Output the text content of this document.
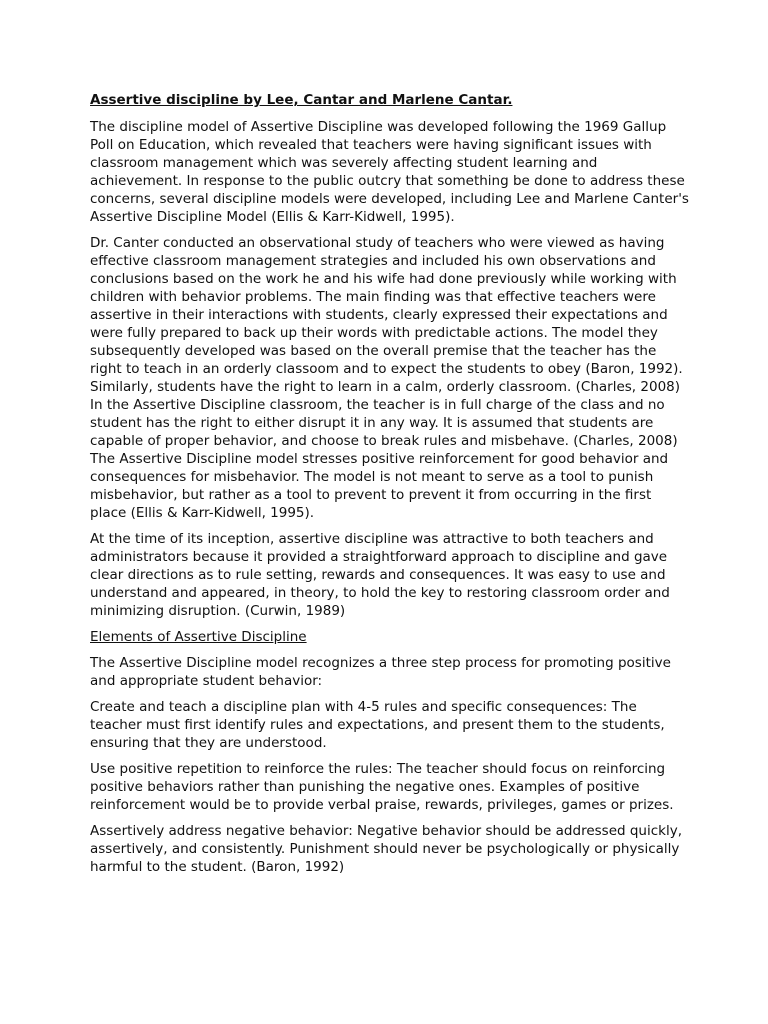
Assertive discipline by Lee, Cantar and Marlene Cantar.

The discipline model of Assertive Discipline was developed following the 1969 Gallup Poll on Education, which revealed that teachers were having significant issues with classroom management which was severely affecting student learning and achievement. In response to the public outcry that something be done to address these concerns, several discipline models were developed, including Lee and Marlene Canter's Assertive Discipline Model (Ellis & Karr-Kidwell, 1995).

Dr. Canter conducted an observational study of teachers who were viewed as having effective classroom management strategies and included his own observations and conclusions based on the work he and his wife had done previously while working with children with behavior problems. The main finding was that effective teachers were assertive in their interactions with students, clearly expressed their expectations and were fully prepared to back up their words with predictable actions. The model they subsequently developed was based on the overall premise that the teacher has the right to teach in an orderly classoom and to expect the students to obey (Baron, 1992). Similarly, students have the right to learn in a calm, orderly classroom. (Charles, 2008) In the Assertive Discipline classroom, the teacher is in full charge of the class and no student has the right to either disrupt it in any way. It is assumed that students are capable of proper behavior, and choose to break rules and misbehave. (Charles, 2008) The Assertive Discipline model stresses positive reinforcement for good behavior and consequences for misbehavior. The model is not meant to serve as a tool to punish misbehavior, but rather as a tool to prevent to prevent it from occurring in the first place (Ellis & Karr-Kidwell, 1995).

At the time of its inception, assertive discipline was attractive to both teachers and administrators because it provided a straightforward approach to discipline and gave clear directions as to rule setting, rewards and consequences. It was easy to use and understand and appeared, in theory, to hold the key to restoring classroom order and minimizing disruption. (Curwin, 1989)

Elements of Assertive Discipline

The Assertive Discipline model recognizes a three step process for promoting positive and appropriate student behavior:

Create and teach a discipline plan with 4-5 rules and specific consequences: The teacher must first identify rules and expectations, and present them to the students, ensuring that they are understood.

Use positive repetition to reinforce the rules: The teacher should focus on reinforcing positive behaviors rather than punishing the negative ones. Examples of positive reinforcement would be to provide verbal praise, rewards, privileges, games or prizes.

Assertively address negative behavior: Negative behavior should be addressed quickly, assertively, and consistently. Punishment should never be psychologically or physically harmful to the student. (Baron, 1992)
